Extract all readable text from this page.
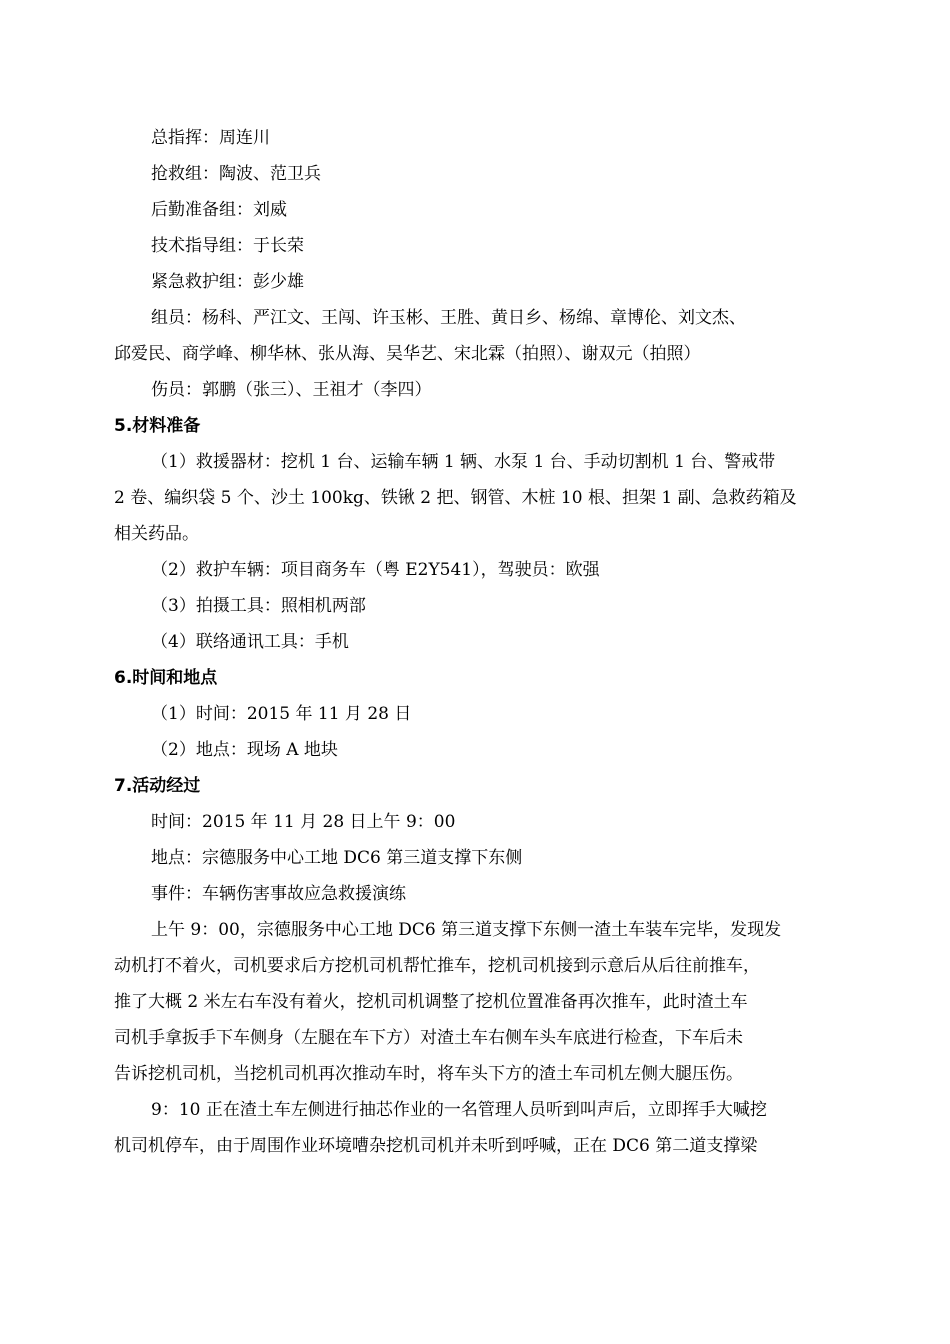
总指挥：周连川
抢救组：陶波、范卫兵
后勤准备组：刘威
技术指导组：于长荣
紧急救护组：彭少雄
组员：杨科、严江文、王闯、许玉彬、王胜、黄日乡、杨绵、章博伦、刘文杰、
邱爱民、商学峰、柳华林、张从海、吴华艺、宋北霖（拍照）、谢双元（拍照）
伤员：郭鹏（张三）、王祖才（李四）
5.材料准备
（1）救援器材：挖机 1 台、运输车辆 1 辆、水泵 1 台、手动切割机 1 台、警戒带
2 卷、编织袋 5 个、沙土 100kg、铁锹 2 把、钢管、木桩 10 根、担架 1 副、急救药箱及
相关药品。
（2）救护车辆：项目商务车（粤 E2Y541），驾驶员：欧强
（3）拍摄工具：照相机两部
（4）联络通讯工具：手机
6.时间和地点
（1）时间：2015 年 11 月 28 日
（2）地点：现场 A 地块
7.活动经过
时间：2015 年 11 月 28 日上午 9：00
地点：宗德服务中心工地 DC6 第三道支撑下东侧
事件：车辆伤害事故应急救援演练
上午 9：00，宗德服务中心工地 DC6 第三道支撑下东侧一渣土车装车完毕，发现发
动机打不着火，司机要求后方挖机司机帮忙推车，挖机司机接到示意后从后往前推车，
推了大概 2 米左右车没有着火，挖机司机调整了挖机位置准备再次推车，此时渣土车
司机手拿扳手下车侧身（左腿在车下方）对渣土车右侧车头车底进行检查，下车后未
告诉挖机司机，当挖机司机再次推动车时，将车头下方的渣土车司机左侧大腿压伤。
9：10 正在渣土车左侧进行抽芯作业的一名管理人员听到叫声后，立即挥手大喊挖
机司机停车，由于周围作业环境嘈杂挖机司机并未听到呼喊，正在 DC6 第二道支撑梁
